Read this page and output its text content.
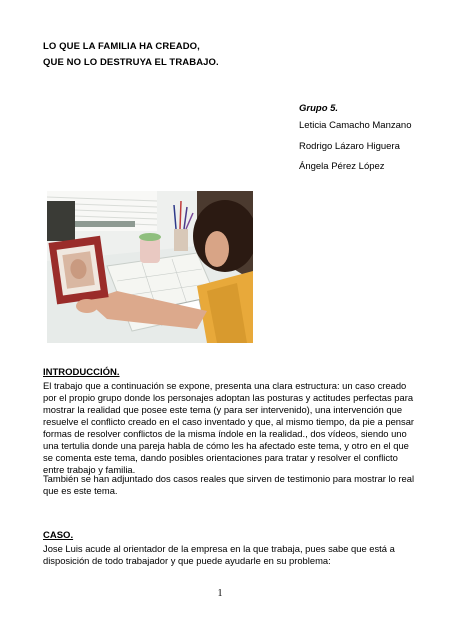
LO QUE LA FAMILIA HA CREADO,
QUE NO LO DESTRUYA EL TRABAJO.
Grupo 5.
Leticia Camacho Manzano
Rodrigo Lázaro Higuera
Ángela Pérez López
INTRODUCCIÓN.
El trabajo que a continuación se expone, presenta una clara estructura: un caso creado
por el propio grupo donde los personajes adoptan las posturas y actitudes perfectas para
mostrar la realidad que posee este tema (y para ser intervenido), una intervención que
resuelve el conflicto creado en el caso inventado y que, al mismo tiempo, da pie a pensar
formas de resolver conflictos de la misma índole en la realidad., dos vídeos, siendo uno
una tertulia donde una pareja habla de cómo les ha afectado este tema, y otro en el que
se comenta este tema, dando posibles orientaciones para tratar y resolver el conflicto
entre trabajo y familia.
También se han adjuntado dos casos reales que sirven de testimonio para mostrar lo real
que es este tema.
CASO.
Jose Luis acude al orientador de la empresa en la que trabaja, pues sabe que está a
disposición de todo trabajador y que puede ayudarle en su problema:
1
